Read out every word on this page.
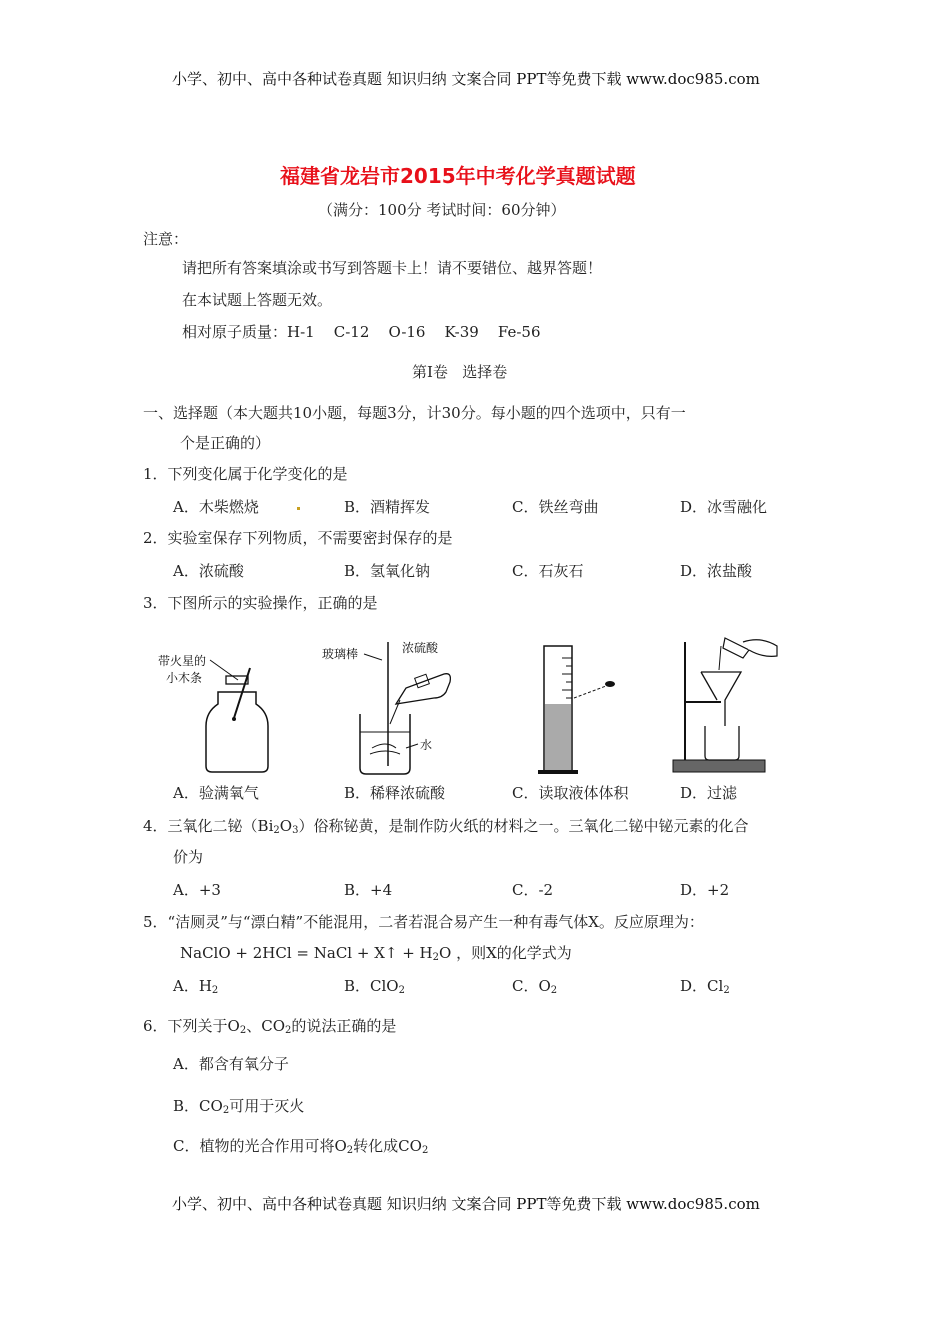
小学、初中、高中各种试卷真题 知识归纳 文案合同 PPT等免费下载 www.doc985.com
福建省龙岩市2015年中考化学真题试题
（满分：100分 考试时间：60分钟）
注意：
请把所有答案填涂或书写到答题卡上！请不要错位、越界答题！
在本试题上答题无效。
相对原子质量：H-1    C-12    O-16    K-39    Fe-56
第Ⅰ卷   选择卷
一、选择题（本大题共10小题，每题3分，计30分。每小题的四个选项中，只有一
个是正确的）
1．下列变化属于化学变化的是
A．木柴燃烧	B．酒精挥发	C．铁丝弯曲	D．冰雪融化
2．实验室保存下列物质，不需要密封保存的是
A．浓硫酸	B．氢氧化钠	C．石灰石	D．浓盐酸
3．下图所示的实验操作，正确的是
带火星的
小木条
玻璃棒	浓硫酸
水
A．验满氧气	B．稀释浓硫酸	C．读取液体体积	D．过滤
4．三氧化二铋$(Bi_2O_3)$俗称铋黄，是制作防火纸的材料之一。三氧化二铋中铋元素的化合
价为
A．+3	B．+4	C．-2	D．+2
5．“洁厕灵”与“漂白精”不能混用，二者若混合易产生一种有毒气体X。反应原理为：
NaClO + 2HCl = NaCl + X↑ + $H_2O$ ，则X的化学式为
A．$H_2$	B．ClO$_2$	C．$O_2$	D．$Cl_2$
6．下列关于$O_2$、$CO_2$的说法正确的是
A．都含有氧分子
B．$CO_2$可用于灭火
C．植物的光合作用可将$O_2$转化成$CO_2$
小学、初中、高中各种试卷真题 知识归纳 文案合同 PPT等免费下载 www.doc985.com
